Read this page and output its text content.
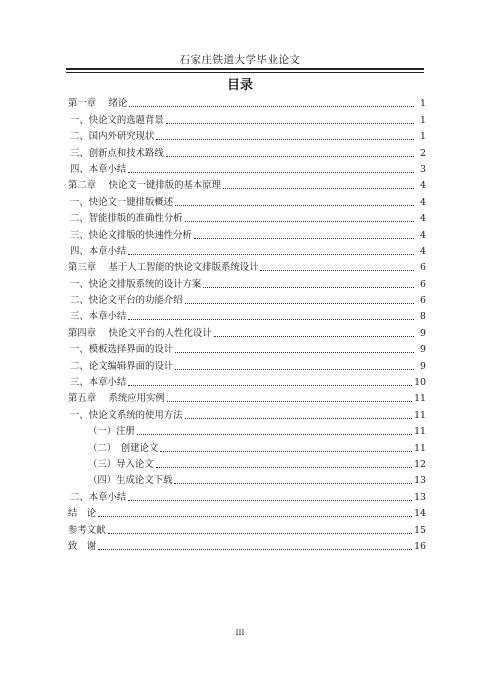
石家庄铁道大学毕业论文
目录
第一章　 绪论	1
一、快论文的选题背景	1
二、国内外研究现状	1
三、创新点和技术路线	2
四、本章小结	3
第二章　 快论文一键排版的基本原理	4
一、快论文一键排版概述	4
二、智能排版的准确性分析	4
三、快论文排版的快速性分析	4
四、本章小结	4
第三章　 基于人工智能的快论文排版系统设计	6
一、快论文排版系统的设计方案	6
二、快论文平台的功能介绍	6
三、本章小结	8
第四章　 快论文平台的人性化设计	9
一、模板选择界面的设计	9
二、论文编辑界面的设计	9
三、本章小结	10
第五章　 系统应用实例	11
一、快论文系统的使用方法	11
（一）注册	11
（二）　创建论文	11
（三）导入论文	12
（四）生成论文下载	13
二、本章小结	13
结　论	14
参考文献	15
致　谢	16
III
